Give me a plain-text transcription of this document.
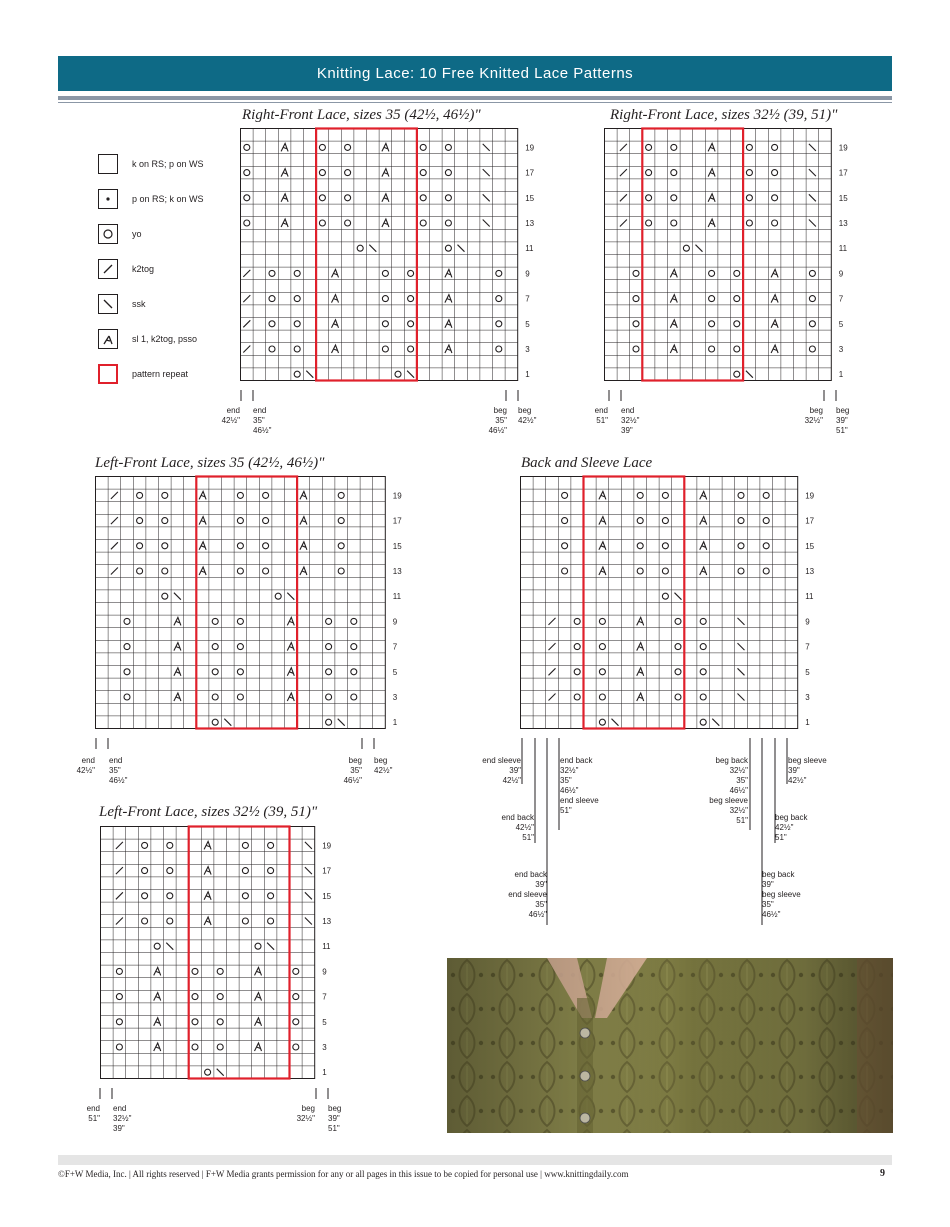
Knitting Lace: 10 Free Knitted Lace Patterns
k on RS; p on WS
p on RS; k on WS
yo
k2tog
ssk
sl 1, k2tog, psso
pattern repeat
Right-Front Lace, sizes 35 (42½, 46½)"	Right-Front Lace, sizes 32½ (39, 51)"
Left-Front Lace, sizes 35 (42½, 46½)"	Back and Sleeve Lace
Left-Front Lace, sizes 32½ (39, 51)"
19
17
15
13
11
9
7
5
3
1
19
17
15
13
11
9
7
5
3
1
19
17
15
13
11
9
7
5
3
1
19
17
15
13
11
9
7
5
3
1
19
17
15
13
11
9
7
5
3
1
end
42½"
end
35"
46½"
beg
35"
46½"
beg
42½"
end
51"
end
32½"
39"
beg
32½"
beg
39"
51"
end
42½"
end
35"
46½"
beg
35"
46½"
beg
42½"
end sleeve
39"
42½"
end back
42½"
51"
end back
39"
end sleeve
35"
46½"
end back
32½"
35"
46½"
end sleeve
51"
beg back
32½"
35"
46½"
beg sleeve
32½"
51"
beg back
39"
beg sleeve
35"
46½"
beg back
42½"
51"
beg sleeve
39"
42½"
end
51"
end
32½"
39"
beg
32½"
beg
39"
51"
©F+W Media, Inc. | All rights reserved | F+W Media grants permission for any or all pages in this issue to be copied for personal use | www.knittingdaily.com	9
